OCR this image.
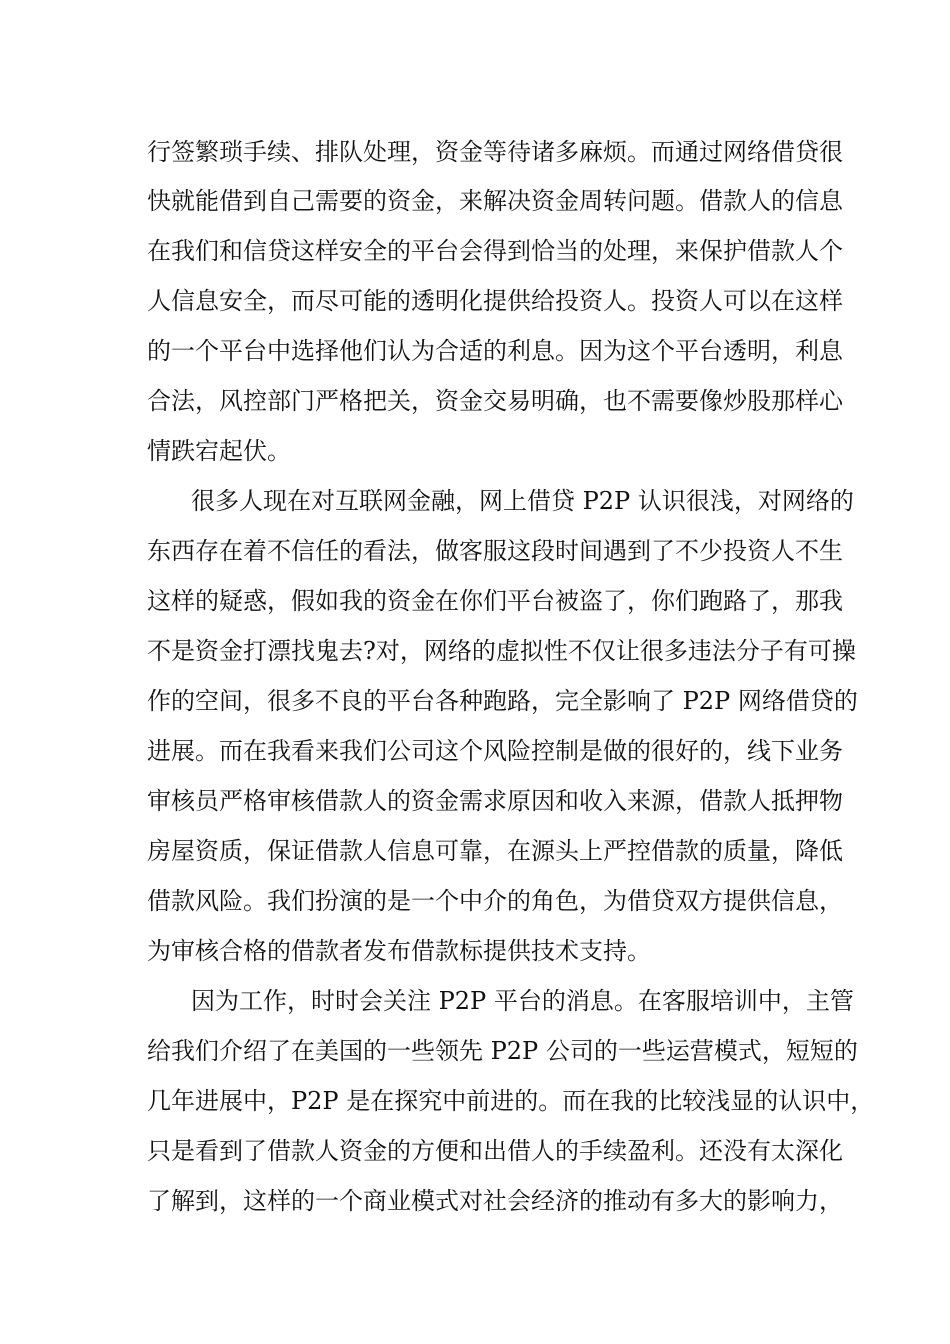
行签繁琐手续、排队处理，资金等待诸多麻烦。而通过网络借贷很

快就能借到自己需要的资金，来解决资金周转问题。借款人的信息

在我们和信贷这样安全的平台会得到恰当的处理，来保护借款人个

人信息安全，而尽可能的透明化提供给投资人。投资人可以在这样

的一个平台中选择他们认为合适的利息。因为这个平台透明，利息

合法，风控部门严格把关，资金交易明确，也不需要像炒股那样心

情跌宕起伏。

很多人现在对互联网金融，网上借贷 P2P 认识很浅，对网络的

东西存在着不信任的看法，做客服这段时间遇到了不少投资人不生

这样的疑惑，假如我的资金在你们平台被盗了，你们跑路了，那我

不是资金打漂找鬼去?对，网络的虚拟性不仅让很多违法分子有可操

作的空间，很多不良的平台各种跑路，完全影响了 P2P 网络借贷的

进展。而在我看来我们公司这个风险控制是做的很好的，线下业务

审核员严格审核借款人的资金需求原因和收入来源，借款人抵押物

房屋资质，保证借款人信息可靠，在源头上严控借款的质量，降低

借款风险。我们扮演的是一个中介的角色，为借贷双方提供信息，

为审核合格的借款者发布借款标提供技术支持。

因为工作，时时会关注 P2P 平台的消息。在客服培训中，主管

给我们介绍了在美国的一些领先 P2P 公司的一些运营模式，短短的

几年进展中，P2P 是在探究中前进的。而在我的比较浅显的认识中，

只是看到了借款人资金的方便和出借人的手续盈利。还没有太深化

了解到，这样的一个商业模式对社会经济的推动有多大的影响力，
